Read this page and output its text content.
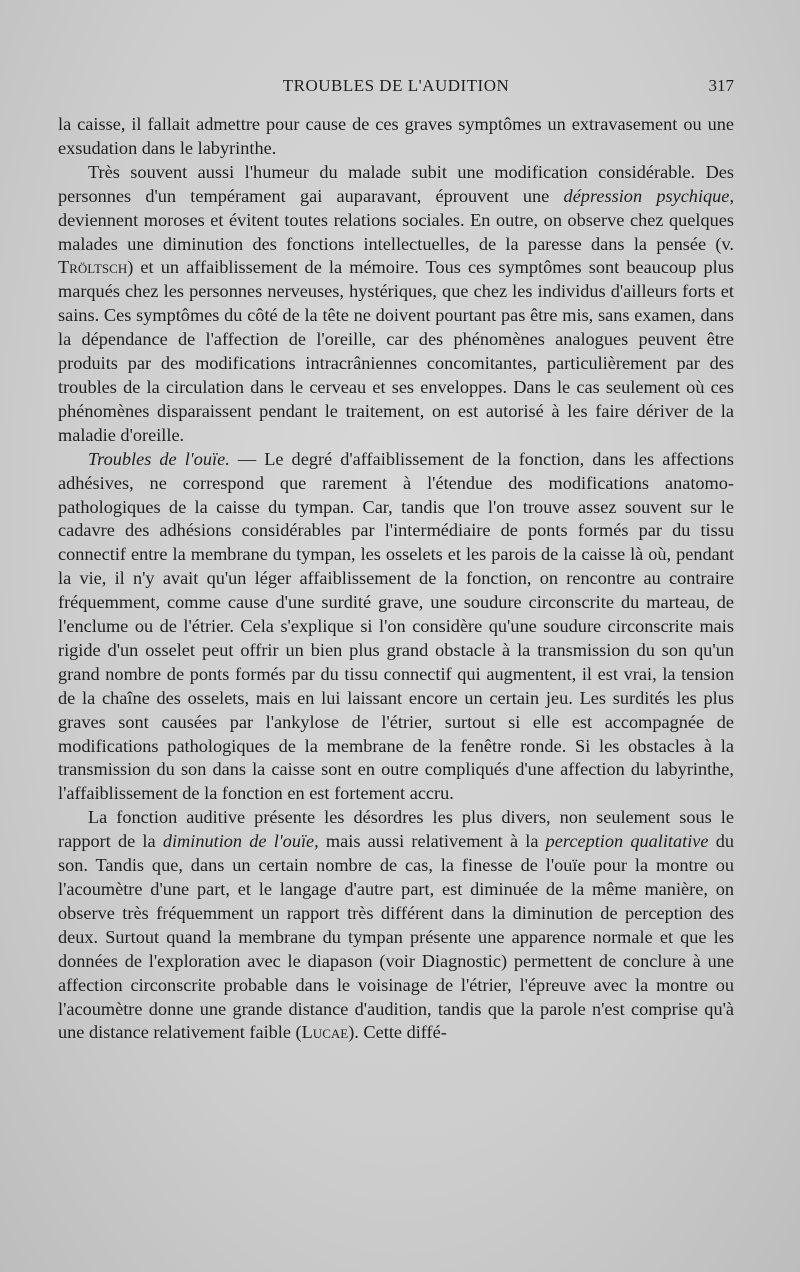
TROUBLES DE L'AUDITION	317

la caisse, il fallait admettre pour cause de ces graves symptômes un extravasement ou une exsudation dans le labyrinthe.

Très souvent aussi l'humeur du malade subit une modification considérable. Des personnes d'un tempérament gai auparavant, éprouvent une dépression psychique, deviennent moroses et évitent toutes relations sociales. En outre, on observe chez quelques malades une diminution des fonctions intellectuelles, de la paresse dans la pensée (v. Tröltsch) et un affaiblissement de la mémoire. Tous ces symptômes sont beaucoup plus marqués chez les personnes nerveuses, hystériques, que chez les individus d'ailleurs forts et sains. Ces symptômes du côté de la tête ne doivent pourtant pas être mis, sans examen, dans la dépendance de l'affection de l'oreille, car des phénomènes analogues peuvent être produits par des modifications intracrâniennes concomitantes, particulièrement par des troubles de la circulation dans le cerveau et ses enveloppes. Dans le cas seulement où ces phénomènes disparaissent pendant le traitement, on est autorisé à les faire dériver de la maladie d'oreille.

Troubles de l'ouïe. — Le degré d'affaiblissement de la fonction, dans les affections adhésives, ne correspond que rarement à l'étendue des modifications anatomo-pathologiques de la caisse du tympan. Car, tandis que l'on trouve assez souvent sur le cadavre des adhésions considérables par l'intermédiaire de ponts formés par du tissu connectif entre la membrane du tympan, les osselets et les parois de la caisse là où, pendant la vie, il n'y avait qu'un léger affaiblissement de la fonction, on rencontre au contraire fréquemment, comme cause d'une surdité grave, une soudure circonscrite du marteau, de l'enclume ou de l'étrier. Cela s'explique si l'on considère qu'une soudure circonscrite mais rigide d'un osselet peut offrir un bien plus grand obstacle à la transmission du son qu'un grand nombre de ponts formés par du tissu connectif qui augmentent, il est vrai, la tension de la chaîne des osselets, mais en lui laissant encore un certain jeu. Les surdités les plus graves sont causées par l'ankylose de l'étrier, surtout si elle est accompagnée de modifications pathologiques de la membrane de la fenêtre ronde. Si les obstacles à la transmission du son dans la caisse sont en outre compliqués d'une affection du labyrinthe, l'affaiblissement de la fonction en est fortement accru.

La fonction auditive présente les désordres les plus divers, non seulement sous le rapport de la diminution de l'ouïe, mais aussi relativement à la perception qualitative du son. Tandis que, dans un certain nombre de cas, la finesse de l'ouïe pour la montre ou l'acoumètre d'une part, et le langage d'autre part, est diminuée de la même manière, on observe très fréquemment un rapport très différent dans la diminution de perception des deux. Surtout quand la membrane du tympan présente une apparence normale et que les données de l'exploration avec le diapason (voir Diagnostic) permettent de conclure à une affection circonscrite probable dans le voisinage de l'étrier, l'épreuve avec la montre ou l'acoumètre donne une grande distance d'audition, tandis que la parole n'est comprise qu'à une distance relativement faible (Lucae). Cette diffé-
